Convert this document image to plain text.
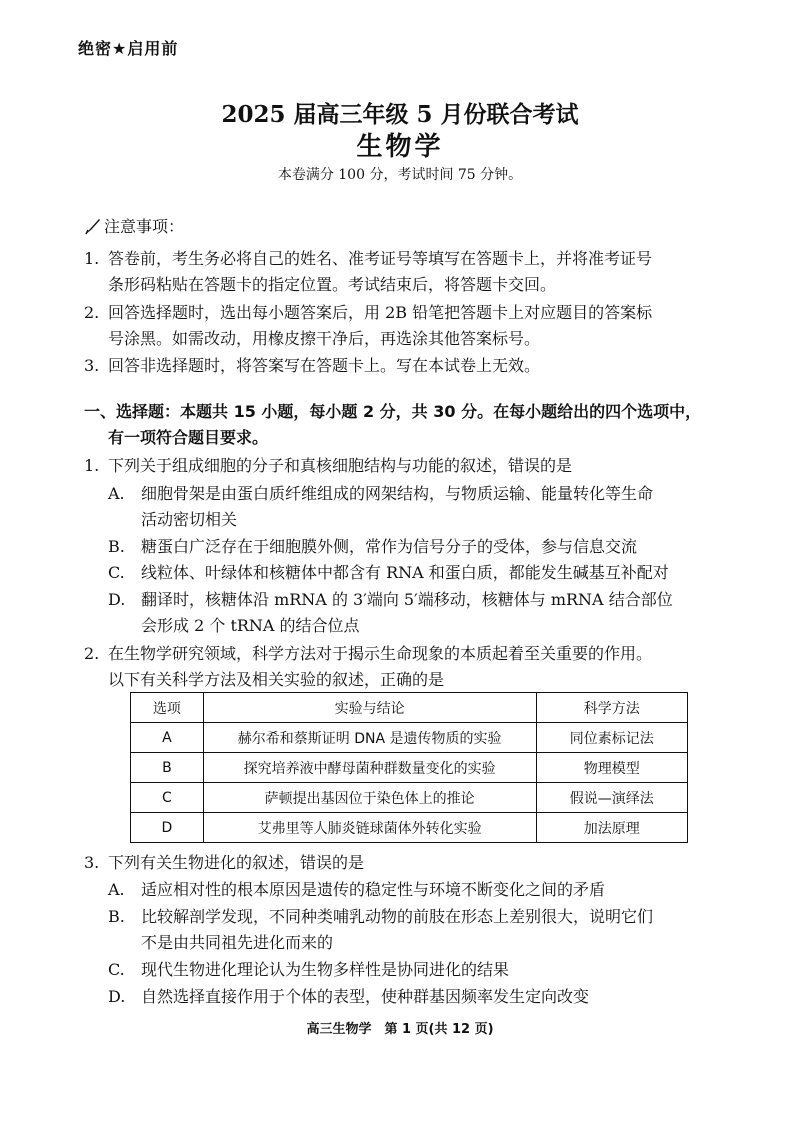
绝密★启用前
2025 届高三年级 5 月份联合考试
生物学
本卷满分 100 分，考试时间 75 分钟。
注意事项：
1. 答卷前，考生务必将自己的姓名、准考证号等填写在答题卡上，并将准考证号
条形码粘贴在答题卡的指定位置。考试结束后，将答题卡交回。
2. 回答选择题时，选出每小题答案后，用 2B 铅笔把答题卡上对应题目的答案标
号涂黑。如需改动，用橡皮擦干净后，再选涂其他答案标号。
3. 回答非选择题时，将答案写在答题卡上。写在本试卷上无效。
一、选择题：本题共 15 小题，每小题 2 分，共 30 分。在每小题给出的四个选项中，
有一项符合题目要求。
1. 下列关于组成细胞的分子和真核细胞结构与功能的叙述，错误的是
A. 细胞骨架是由蛋白质纤维组成的网架结构，与物质运输、能量转化等生命
活动密切相关
B. 糖蛋白广泛存在于细胞膜外侧，常作为信号分子的受体，参与信息交流
C. 线粒体、叶绿体和核糖体中都含有 RNA 和蛋白质，都能发生碱基互补配对
D. 翻译时，核糖体沿 mRNA 的 3′端向 5′端移动，核糖体与 mRNA 结合部位
会形成 2 个 tRNA 的结合位点
2. 在生物学研究领域，科学方法对于揭示生命现象的本质起着至关重要的作用。
以下有关科学方法及相关实验的叙述，正确的是
选项	实验与结论	科学方法
A	赫尔希和蔡斯证明 DNA 是遗传物质的实验	同位素标记法
B	探究培养液中酵母菌种群数量变化的实验	物理模型
C	萨顿提出基因位于染色体上的推论	假说—演绎法
D	艾弗里等人肺炎链球菌体外转化实验	加法原理
3. 下列有关生物进化的叙述，错误的是
A. 适应相对性的根本原因是遗传的稳定性与环境不断变化之间的矛盾
B. 比较解剖学发现，不同种类哺乳动物的前肢在形态上差别很大，说明它们
不是由共同祖先进化而来的
C. 现代生物进化理论认为生物多样性是协同进化的结果
D. 自然选择直接作用于个体的表型，使种群基因频率发生定向改变
高三生物学　第 1 页(共 12 页)
